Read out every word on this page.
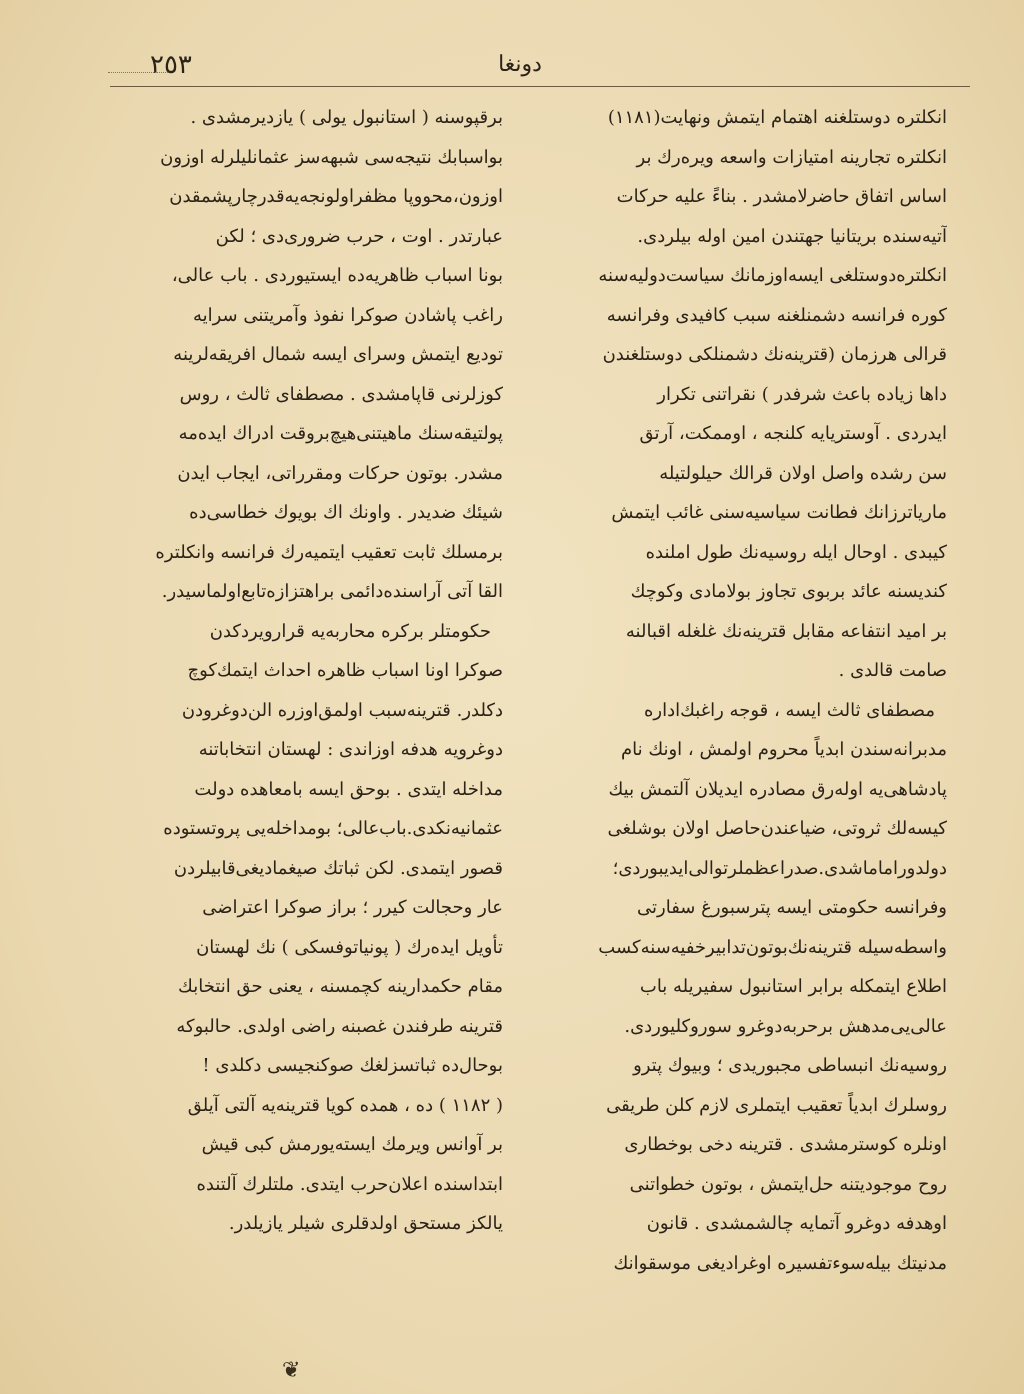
٢٥٣	دونغا
انكلتره دوستلغنه اهتمام ايتمش ونهايت(١١٨١)
انكلتره تجارينه امتيازات واسعه ويره‌رك بر
اساس اتفاق حاضرلامشدر . بناءً عليه حركات
آتيه‌سنده بريتانيا جهتندن امين اوله بيلردى.
انكلتره‌دوستلغى ايسه‌اوزمانك سياست‌دوليه‌سنه
كوره فرانسه دشمنلغنه سبب كافيدى وفرانسه
قرالى هرزمان (قترينه‌نك دشمنلكى دوستلغندن
داها زياده باعث شرفدر ) نقراتنى تكرار
ايدردى . آوستريايه كلنجه ، اوممكت، آرتق
سن رشده واصل اولان قرالك حيلولتيله
ماريا‌ترزانك فطانت سياسيه‌سنى غائب ايتمش
كيبدى . اوحال ايله روسيه‌نك طول املنده
كنديسنه عائد بربوى تجاوز بولامادى وكوچك
بر اميد انتفاعه مقابل قترينه‌نك غلغله اقبالنه
صامت قالدى .
مصطفاى ثالث ايسه ، قوجه راغبك‌اداره‌
مدبرانه‌سندن ابدياً محروم اولمش ، اونك نام
پادشاهى‌يه اوله‌رق مصادره ايديلان آلتمش بيك
كيسه‌لك ثروتى، ضياعندن‌حاصل اولان بوشلغى
دولدوراماماشدى.صدراعظملرتوالى‌ايديبوردى؛
وفرانسه حكومتى ايسه پترسبورغ سفارتى
واسطه‌سيله قترينه‌نك‌بوتون‌تدابيرخفيه‌سنه‌كسب
اطلاع ايتمكله برابر استانبول سفيريله باب
عالى‌يى‌مدهش برحربه‌دوغرو سوروكليوردى.
روسيه‌نك انبساطى مجبوريدى ؛ وبيوك پترو
روسلرك ابدياً تعقيب ايتملرى لازم كلن طريقى
اونلره كوسترمشدى . قترينه دخى بوخطارى
روح موجوديتنه حل‌ايتمش ، بوتون خطواتنى
اوهدفه دوغرو آتمايه چالشمشدى . قانون
مدنيتك بيله‌سوء‌تفسيره اوغراديغى موسقوانك
برقپوسنه ( استانبول يولى ) يازديرمشدى .
بواسبابك نتيجه‌سى شبهه‌سز عثمانليلرله اوزون
اوزون،محووپا مظفراولونجه‌يه‌قدرچارپشمقدن
عبارتدر . اوت ، حرب ضرورى‌دى ؛ لكن
بونا اسباب ظاهريه‌ده ايستيوردى . باب عالى،
راغب پاشادن صوكرا نفوذ وآمريتنى سرايه
توديع ايتمش وسراى ايسه شمال افريقه‌لرينه
كوزلرنى قاپامشدى . مصطفاى ثالث ، روس
پولتيقه‌سنك ماهيتنى‌هيچ‌بروقت ادراك ايده‌مه‌
مشدر. بوتون حركات ومقرراتى، ايجاب ايدن
شيئك ضديدر . واونك اك بويوك خطاسى‌ده
برمسلك ثابت تعقيب ايتميه‌رك فرانسه وانكلتره
القا آتى آراسنده‌دائمى براهتزازه‌تابع‌اولماسيدر.
حكومتلر بركره محاربه‌يه قرارويردكدن
صوكرا اونا اسباب ظاهره احداث ايتمك‌كوچ
دكلدر. قترينه‌سبب اولمق‌اوزره الن‌دوغرودن
دوغرويه هدفه اوزاندى : لهستان انتخاباتنه
مداخله ايتدى . بوحق ايسه بامعاهده دولت
عثمانيه‌نكدى.باب‌عالى؛ بومداخله‌يى پروتستوده
قصور ايتمدى. لكن ثباتك صيغماديغى‌قابيلردن
عار وحجالت كيرر ؛ براز صوكرا اعتراضى
تأويل ايده‌رك ( پونياتوفسكى ) نك لهستان
مقام حكمدارينه كچمسنه ، يعنى حق انتخابك
قترينه طرفندن غصبنه راضى اولدى. حالبوكه
بوحال‌ده ثباتسزلغك صوكنجيسى دكلدى !
( ١١٨٢ ) ده ، همده كويا قترينه‌يه آلتى آيلق
بر آوانس ويرمك ايسته‌يورمش كبى قيش
ابتداسنده اعلان‌حرب ايتدى. ملتلرك آلتنده
يالكز مستحق اولدقلرى شيلر يازيلدر.
❦
